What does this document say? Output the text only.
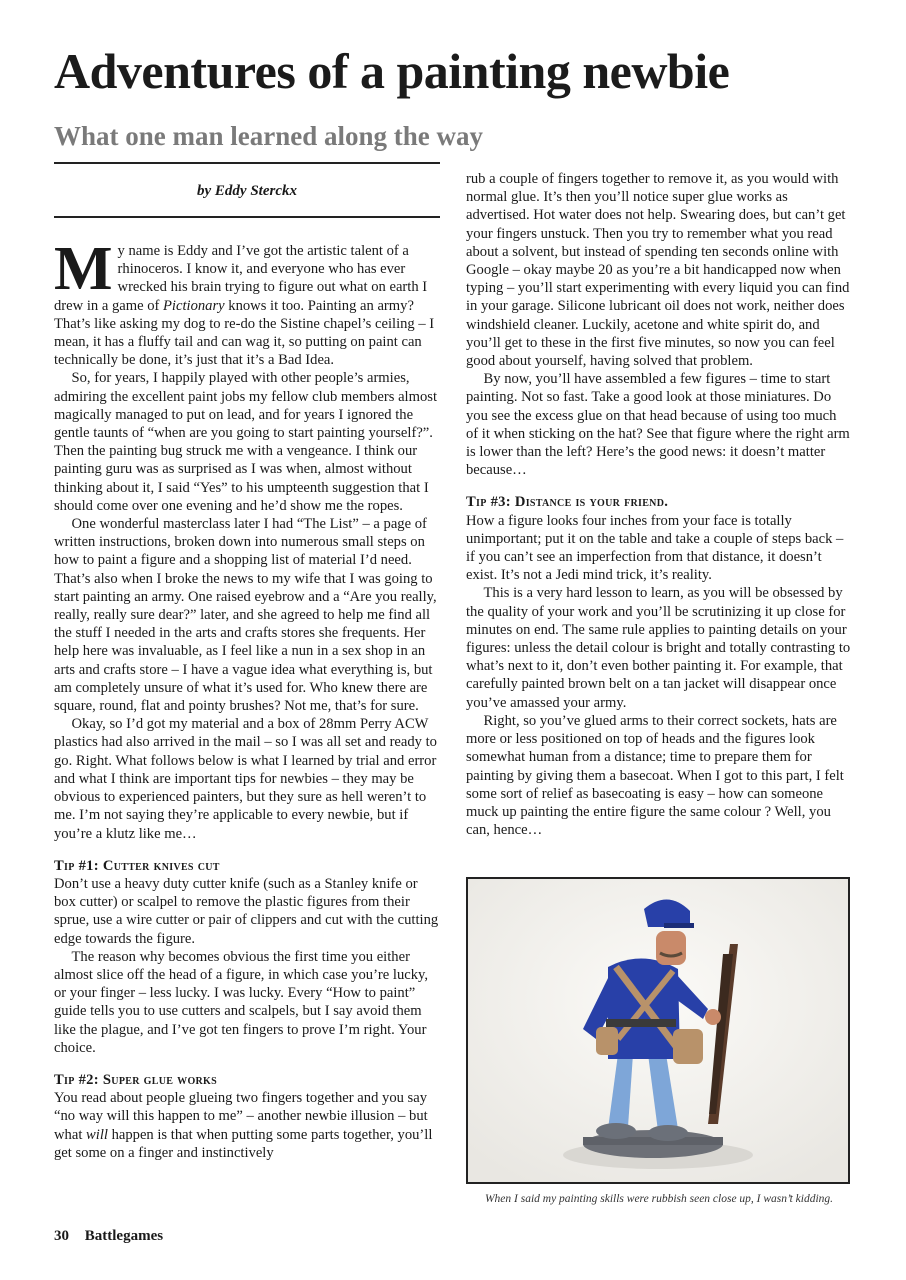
Adventures of a painting newbie
What one man learned along the way
by Eddy Sterckx

My name is Eddy and I’ve got the artistic talent of a rhinoceros. I know it, and everyone who has ever wrecked his brain trying to figure out what on earth I drew in a game of Pictionary knows it too. Painting an army? That’s like asking my dog to re-do the Sistine chapel’s ceiling – I mean, it has a fluffy tail and can wag it, so putting on paint can technically be done, it’s just that it’s a Bad Idea.

So, for years, I happily played with other people’s armies, admiring the excellent paint jobs my fellow club members almost magically managed to put on lead, and for years I ignored the gentle taunts of “when are you going to start painting yourself?”. Then the painting bug struck me with a vengeance. I think our painting guru was as surprised as I was when, almost without thinking about it, I said “Yes” to his umpteenth suggestion that I should come over one evening and he’d show me the ropes.

One wonderful masterclass later I had “The List” – a page of written instructions, broken down into numerous small steps on how to paint a figure and a shopping list of material I’d need. That’s also when I broke the news to my wife that I was going to start painting an army. One raised eyebrow and a “Are you really, really, really sure dear?” later, and she agreed to help me find all the stuff I needed in the arts and crafts stores she frequents. Her help here was invaluable, as I feel like a nun in a sex shop in an arts and crafts store – I have a vague idea what everything is, but am completely unsure of what it’s used for. Who knew there are square, round, flat and pointy brushes? Not me, that’s for sure.

Okay, so I’d got my material and a box of 28mm Perry ACW plastics had also arrived in the mail – so I was all set and ready to go. Right. What follows below is what I learned by trial and error and what I think are important tips for newbies – they may be obvious to experienced painters, but they sure as hell weren’t to me. I’m not saying they’re applicable to every newbie, but if you’re a klutz like me…

Tip #1: Cutter knives cut

Don’t use a heavy duty cutter knife (such as a Stanley knife or box cutter) or scalpel to remove the plastic figures from their sprue, use a wire cutter or pair of clippers and cut with the cutting edge towards the figure.

The reason why becomes obvious the first time you either almost slice off the head of a figure, in which case you’re lucky, or your finger – less lucky. I was lucky. Every “How to paint” guide tells you to use cutters and scalpels, but I say avoid them like the plague, and I’ve got ten fingers to prove I’m right. Your choice.

Tip #2: Super glue works

You read about people glueing two fingers together and you say “no way will this happen to me” – another newbie illusion – but what will happen is that when putting some parts together, you’ll get some on a finger and instinctively

rub a couple of fingers together to remove it, as you would with normal glue. It’s then you’ll notice super glue works as advertised. Hot water does not help. Swearing does, but can’t get your fingers unstuck. Then you try to remember what you read about a solvent, but instead of spending ten seconds online with Google – okay maybe 20 as you’re a bit handicapped now when typing – you’ll start experimenting with every liquid you can find in your garage. Silicone lubricant oil does not work, neither does windshield cleaner. Luckily, acetone and white spirit do, and you’ll get to these in the first five minutes, so now you can feel good about yourself, having solved that problem.

By now, you’ll have assembled a few figures – time to start painting. Not so fast. Take a good look at those miniatures. Do you see the excess glue on that head because of using too much of it when sticking on the hat? See that figure where the right arm is lower than the left? Here’s the good news: it doesn’t matter because…

Tip #3: Distance is your friend.

How a figure looks four inches from your face is totally unimportant; put it on the table and take a couple of steps back – if you can’t see an imperfection from that distance, it doesn’t exist. It’s not a Jedi mind trick, it’s reality.

This is a very hard lesson to learn, as you will be obsessed by the quality of your work and you’ll be scrutinizing it up close for minutes on end. The same rule applies to painting details on your figures: unless the detail colour is bright and totally contrasting to what’s next to it, don’t even bother painting it. For example, that carefully painted brown belt on a tan jacket will disappear once you’ve amassed your army.

Right, so you’ve glued arms to their correct sockets, hats are more or less positioned on top of heads and the figures look somewhat human from a distance; time to prepare them for painting by giving them a basecoat. When I got to this part, I felt some sort of relief as basecoating is easy – how can someone muck up painting the entire figure the same colour ? Well, you can, hence…

When I said my painting skills were rubbish seen close up, I wasn’t kidding.
30 Battlegames
